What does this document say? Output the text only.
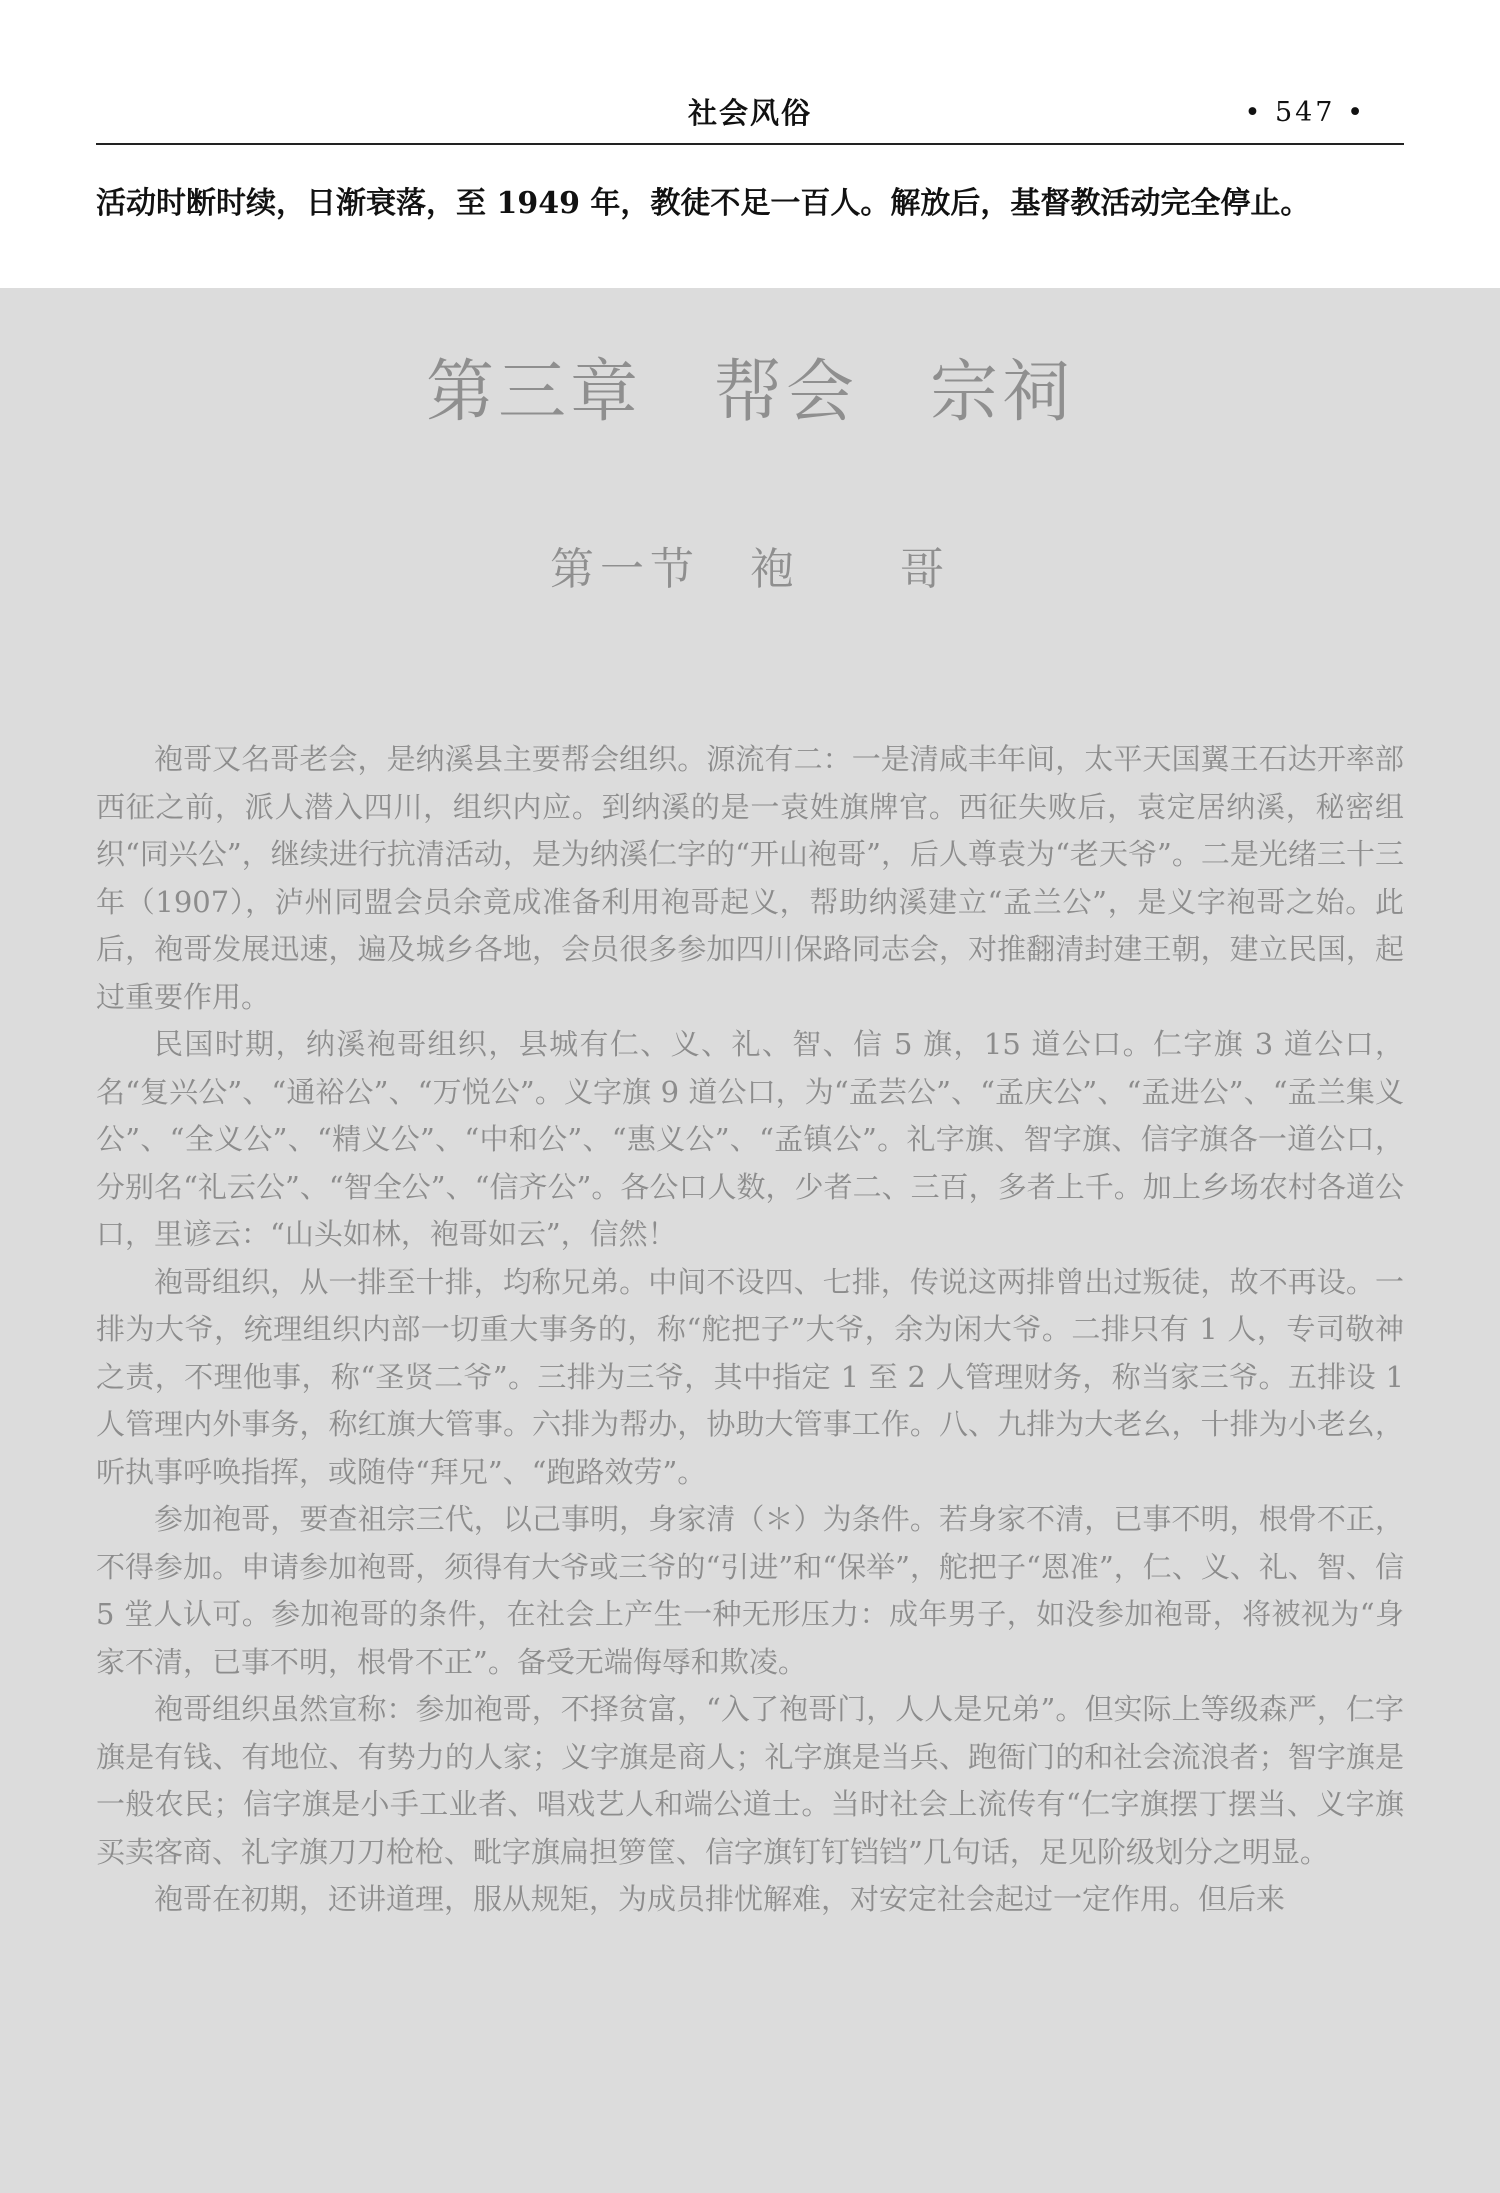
社会风俗	• 547 •
活动时断时续，日渐衰落，至 1949 年，教徒不足一百人。解放后，基督教活动完全停止。
第三章　帮会　宗祠
第一节　袍　　哥

袍哥又名哥老会，是纳溪县主要帮会组织。源流有二：一是清咸丰年间，太平天国翼王石达开率部西征之前，派人潜入四川，组织内应。到纳溪的是一袁姓旗牌官。西征失败后，袁定居纳溪，秘密组织“同兴公”，继续进行抗清活动，是为纳溪仁字的“开山袍哥”，后人尊袁为“老天爷”。二是光绪三十三年（1907），泸州同盟会员余竟成准备利用袍哥起义，帮助纳溪建立“孟兰公”，是义字袍哥之始。此后，袍哥发展迅速，遍及城乡各地，会员很多参加四川保路同志会，对推翻清封建王朝，建立民国，起过重要作用。

民国时期，纳溪袍哥组织，县城有仁、义、礼、智、信 5 旗，15 道公口。仁字旗 3 道公口，名“复兴公”、“通裕公”、“万悦公”。义字旗 9 道公口，为“孟芸公”、“孟庆公”、“孟进公”、“孟兰集义公”、“全义公”、“精义公”、“中和公”、“惠义公”、“孟镇公”。礼字旗、智字旗、信字旗各一道公口，分别名“礼云公”、“智全公”、“信齐公”。各公口人数，少者二、三百，多者上千。加上乡场农村各道公口，里谚云：“山头如林，袍哥如云”，信然！

袍哥组织，从一排至十排，均称兄弟。中间不设四、七排，传说这两排曾出过叛徒，故不再设。一排为大爷，统理组织内部一切重大事务的，称“舵把子”大爷，余为闲大爷。二排只有 1 人，专司敬神之责，不理他事，称“圣贤二爷”。三排为三爷，其中指定 1 至 2 人管理财务，称当家三爷。五排设 1 人管理内外事务，称红旗大管事。六排为帮办，协助大管事工作。八、九排为大老幺，十排为小老幺，听执事呼唤指挥，或随侍“拜兄”、“跑路效劳”。

参加袍哥，要查祖宗三代，以己事明，身家清（＊）为条件。若身家不清，已事不明，根骨不正，不得参加。申请参加袍哥，须得有大爷或三爷的“引进”和“保举”，舵把子“恩准”，仁、义、礼、智、信 5 堂人认可。参加袍哥的条件，在社会上产生一种无形压力：成年男子，如没参加袍哥，将被视为“身家不清，已事不明，根骨不正”。备受无端侮辱和欺凌。

袍哥组织虽然宣称：参加袍哥，不择贫富，“入了袍哥门，人人是兄弟”。但实际上等级森严，仁字旗是有钱、有地位、有势力的人家；义字旗是商人；礼字旗是当兵、跑衙门的和社会流浪者；智字旗是一般农民；信字旗是小手工业者、唱戏艺人和端公道士。当时社会上流传有“仁字旗摆丁摆当、义字旗买卖客商、礼字旗刀刀枪枪、毗字旗扁担箩筐、信字旗钉钉铛铛”几句话，足见阶级划分之明显。

袍哥在初期，还讲道理，服从规矩，为成员排忧解难，对安定社会起过一定作用。但后来
